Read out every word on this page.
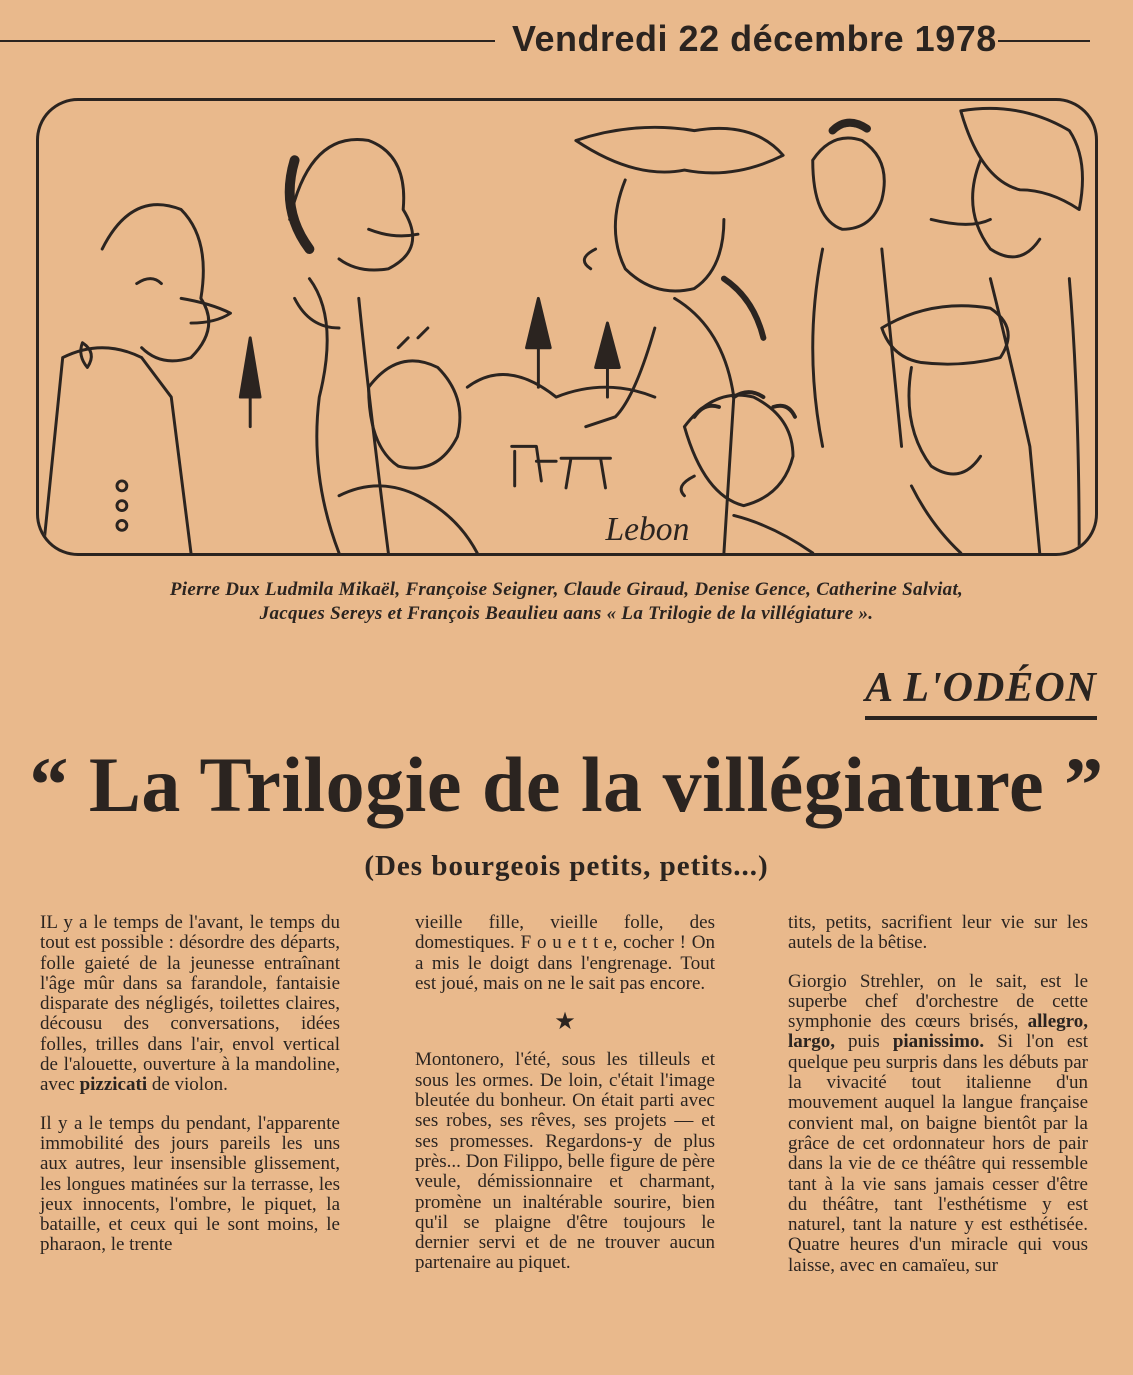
Vendredi 22 décembre 1978
Lebon
Pierre Dux Ludmila Mikaël, Françoise Seigner, Claude Giraud, Denise Gence, Catherine Salviat,
Jacques Sereys et François Beaulieu aans « La Trilogie de la villégiature ».
A L'ODÉON
“ La Trilogie de la villégiature ”
(Des bourgeois petits, petits...)

IL y a le temps de l'avant, le temps du tout est possible : désordre des départs, folle gaieté de la jeunesse entraînant l'âge mûr dans sa farandole, fantaisie disparate des négligés, toilettes claires, décousu des conversations, idées folles, trilles dans l'air, envol vertical de l'alouette, ouverture à la mandoline, avec pizzicati de violon.

Il y a le temps du pendant, l'apparente immobilité des jours pareils les uns aux autres, leur insensible glissement, les longues matinées sur la terrasse, les jeux innocents, l'ombre, le piquet, la bataille, et ceux qui le sont moins, le pharaon, le trente

vieille fille, vieille folle, des domestiques. F o u e t t e, cocher ! On a mis le doigt dans l'engrenage. Tout est joué, mais on ne le sait pas encore.

★

Montonero, l'été, sous les tilleuls et sous les ormes. De loin, c'était l'image bleutée du bonheur. On était parti avec ses robes, ses rêves, ses projets — et ses promesses. Regardons-y de plus près... Don Filippo, belle figure de père veule, démissionnaire et charmant, promène un inaltérable sourire, bien qu'il se plaigne d'être toujours le dernier servi et de ne trouver aucun partenaire au piquet.

tits, petits, sacrifient leur vie sur les autels de la bêtise.

Giorgio Strehler, on le sait, est le superbe chef d'orchestre de cette symphonie des cœurs brisés, allegro, largo, puis pianissimo. Si l'on est quelque peu surpris dans les débuts par la vivacité tout italienne d'un mouvement auquel la langue française convient mal, on baigne bientôt par la grâce de cet ordonnateur hors de pair dans la vie de ce théâtre qui ressemble tant à la vie sans jamais cesser d'être du théâtre, tant l'esthétisme y est naturel, tant la nature y est esthétisée. Quatre heures d'un miracle qui vous laisse, avec en camaïeu, sur
